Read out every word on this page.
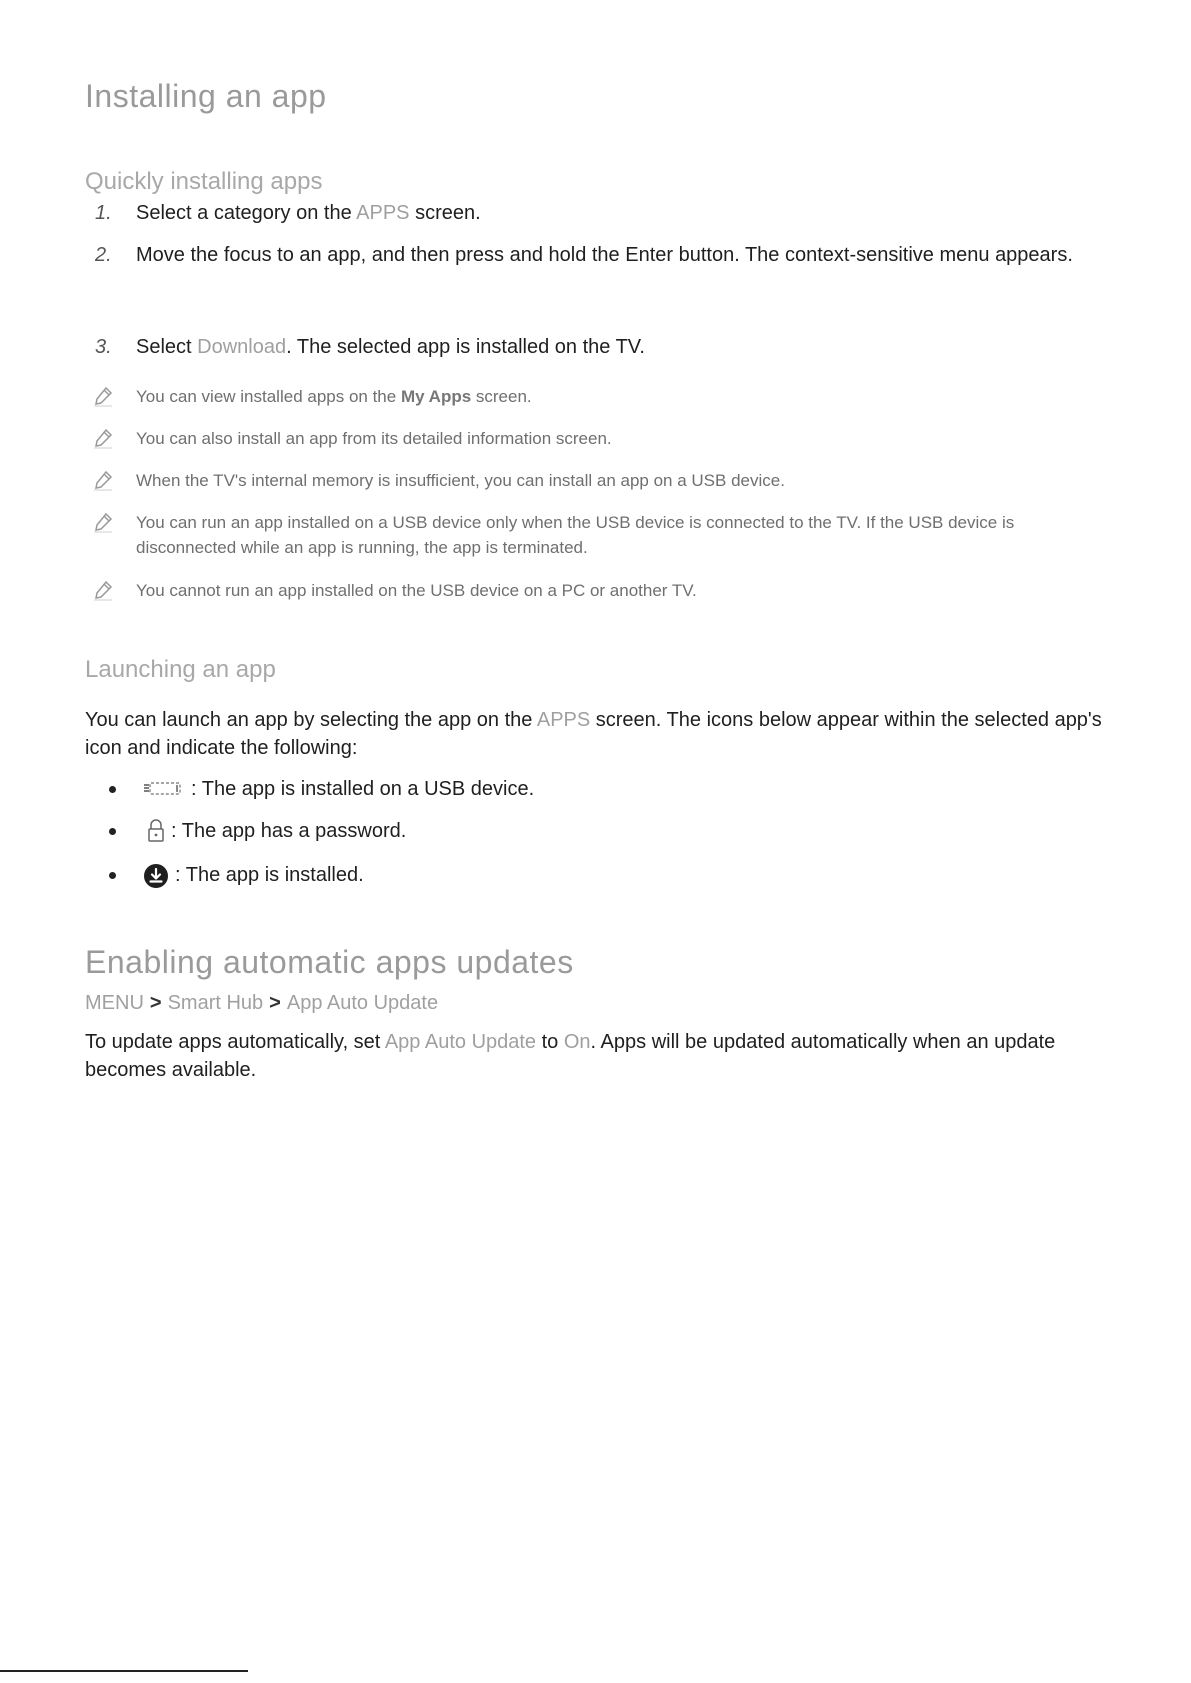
Installing an app
Quickly installing apps
1. Select a category on the APPS screen.
2. Move the focus to an app, and then press and hold the Enter button. The context-sensitive menu appears.
3. Select Download. The selected app is installed on the TV.
You can view installed apps on the My Apps screen.
You can also install an app from its detailed information screen.
When the TV's internal memory is insufficient, you can install an app on a USB device.
You can run an app installed on a USB device only when the USB device is connected to the TV. If the USB device is disconnected while an app is running, the app is terminated.
You cannot run an app installed on the USB device on a PC or another TV.
Launching an app
You can launch an app by selecting the app on the APPS screen. The icons below appear within the selected app's icon and indicate the following:
: The app is installed on a USB device.
: The app has a password.
: The app is installed.
Enabling automatic apps updates
MENU > Smart Hub > App Auto Update
To update apps automatically, set App Auto Update to On. Apps will be updated automatically when an update becomes available.
